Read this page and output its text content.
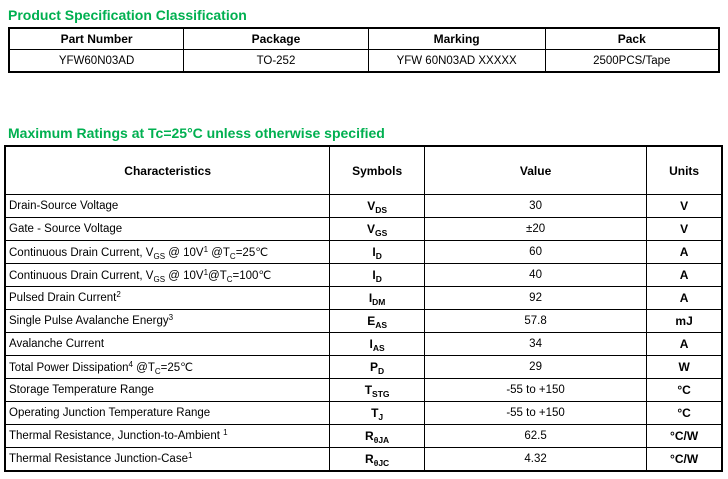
Product Specification Classification
Part Number	Package	Marking	Pack
YFW60N03AD	TO-252	YFW 60N03AD XXXXX	2500PCS/Tape
Maximum Ratings at Tc=25°C unless otherwise specified
Characteristics	Symbols	Value	Units
Drain-Source Voltage	$V_{DS}$	30	V
Gate - Source Voltage	$V_{GS}$	±20	V
Continuous Drain Current, $V_{GS}$ @ $10V^1$ $@T_C=25℃$	$I_D$	60	A
Continuous Drain Current, $V_{GS}$ @ $10V^1@T_C=100℃$	$I_D$	40	A
Pulsed Drain Current$^2$	$I_{DM}$	92	A
Single Pulse Avalanche Energy$^3$	$E_{AS}$	57.8	mJ
Avalanche Current	$I_{AS}$	34	A
Total Power Dissipation$^4$ $@T_C=25℃$	$P_D$	29	W
Storage Temperature Range	$T_{STG}$	-55 to +150	°C
Operating Junction Temperature Range	$T_J$	-55 to +150	°C
Thermal Resistance, Junction-to-Ambient $^1$	$R_{\theta JA}$	62.5	°C/W
Thermal Resistance Junction-Case$^1$	$R_{\theta JC}$	4.32	°C/W
